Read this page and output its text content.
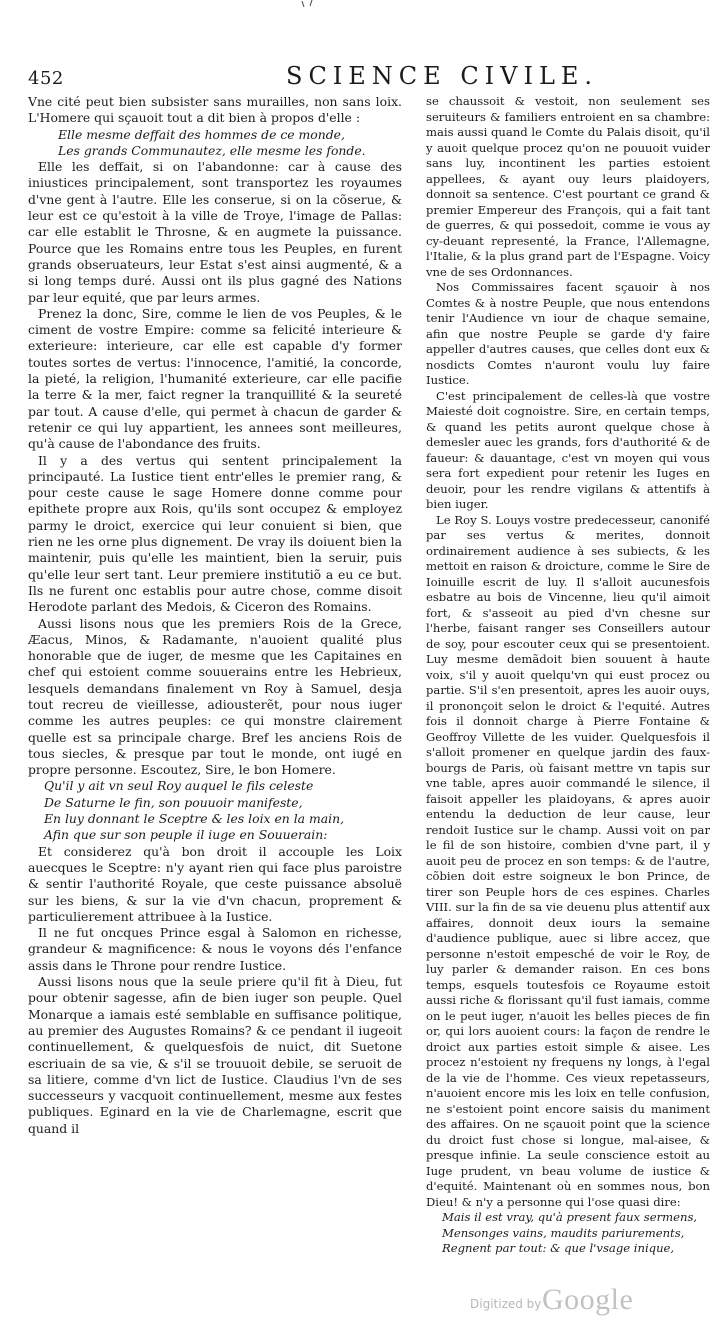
452	SCIENCE CIVILE.

Vne cité peut bien subsister sans murailles, non sans loix. L'Homere qui sçauoit tout a dit bien à propos d'elle :

Elle mesme deffait des hommes de ce monde,

Les grands Communautez, elle mesme les fonde.

Elle les deffait, si on l'abandonne: car à cause des iniustices principalement, sont transportez les royaumes d'vne gent à l'autre. Elle les conserue, si on la cõserue, & leur est ce qu'estoit à la ville de Troye, l'image de Pallas: car elle establit le Throsne, & en augmete la puissance. Pource que les Romains entre tous les Peuples, en furent grands obseruateurs, leur Estat s'est ainsi augmenté, & a si long temps duré. Aussi ont ils plus gagné des Nations par leur equité, que par leurs armes.

Prenez la donc, Sire, comme le lien de vos Peuples, & le ciment de vostre Empire: comme sa felicité interieure & exterieure: interieure, car elle est capable d'y former toutes sortes de vertus: l'innocence, l'amitié, la concorde, la pieté, la religion, l'humanité exterieure, car elle pacifie la terre & la mer, faict regner la tranquillité & la seureté par tout. A cause d'elle, qui permet à chacun de garder & retenir ce qui luy appartient, les annees sont meilleures, qu'à cause de l'abondance des fruits.

Il y a des vertus qui sentent principalement la principauté. La Iustice tient entr'elles le premier rang, & pour ceste cause le sage Homere donne comme pour epithete propre aux Rois, qu'ils sont occupez & employez parmy le droict, exercice qui leur conuient si bien, que rien ne les orne plus dignement. De vray ils doiuent bien la maintenir, puis qu'elle les maintient, bien la seruir, puis qu'elle leur sert tant. Leur premiere institutiõ a eu ce but. Ils ne furent onc establis pour autre chose, comme disoit Herodote parlant des Medois, & Ciceron des Romains.

Aussi lisons nous que les premiers Rois de la Grece, Æacus, Minos, & Radamante, n'auoient qualité plus honorable que de iuger, de mesme que les Capitaines en chef qui estoient comme souuerains entre les Hebrieux, lesquels demandans finalement vn Roy à Samuel, desja tout recreu de vieillesse, adiousterẽt, pour nous iuger comme les autres peuples: ce qui monstre clairement quelle est sa principale charge. Bref les anciens Rois de tous siecles, & presque par tout le monde, ont iugé en propre personne. Escoutez, Sire, le bon Homere.

Qu'il y ait vn seul Roy auquel le fils celeste

De Saturne le fin, son pouuoir manifeste,

En luy donnant le Sceptre & les loix en la main,

Afin que sur son peuple il iuge en Souuerain:

Et considerez qu'à bon droit il accouple les Loix auecques le Sceptre: n'y ayant rien qui face plus paroistre & sentir l'authorité Royale, que ceste puissance absoluë sur les biens, & sur la vie d'vn chacun, proprement & particulierement attribuee à la Iustice.

Il ne fut oncques Prince esgal à Salomon en richesse, grandeur & magnificence: & nous le voyons dés l'enfance assis dans le Throne pour rendre Iustice.

Aussi lisons nous que la seule priere qu'il fit à Dieu, fut pour obtenir sagesse, afin de bien iuger son peuple. Quel Monarque a iamais esté semblable en suffisance politique, au premier des Augustes Romains? & ce pendant il iugeoit continuellement, & quelquesfois de nuict, dit Suetone escriuain de sa vie, & s'il se trouuoit debile, se seruoit de sa litiere, comme d'vn lict de Iustice. Claudius l'vn de ses successeurs y vacquoit continuellement, mesme aux festes publiques. Eginard en la vie de Charlemagne, escrit que quand il

se chaussoit & vestoit, non seulement ses seruiteurs & familiers entroient en sa chambre: mais aussi quand le Comte du Palais disoit, qu'il y auoit quelque procez qu'on ne pouuoit vuider sans luy, incontinent les parties estoient appellees, & ayant ouy leurs plaidoyers, donnoit sa sentence. C'est pourtant ce grand & premier Empereur des François, qui a fait tant de guerres, & qui possedoit, comme ie vous ay cy-deuant representé, la France, l'Allemagne, l'Italie, & la plus grand part de l'Espagne. Voicy vne de ses Ordonnances.

Nos Commissaires facent sçauoir à nos Comtes & à nostre Peuple, que nous entendons tenir l'Audience vn iour de chaque semaine, afin que nostre Peuple se garde d'y faire appeller d'autres causes, que celles dont eux & nosdicts Comtes n'auront voulu luy faire Iustice.

C'est principalement de celles-là que vostre Maiesté doit cognoistre. Sire, en certain temps, & quand les petits auront quelque chose à demesler auec les grands, fors d'authorité & de faueur: & dauantage, c'est vn moyen qui vous sera fort expedient pour retenir les Iuges en deuoir, pour les rendre vigilans & attentifs à bien iuger.

Le Roy S. Louys vostre predecesseur, canonifé par ses vertus & merites, donnoit ordinairement audience à ses subiects, & les mettoit en raison & droicture, comme le Sire de Ioinuille escrit de luy. Il s'alloit aucunesfois esbatre au bois de Vincenne, lieu qu'il aimoit fort, & s'asseoit au pied d'vn chesne sur l'herbe, faisant ranger ses Conseillers autour de soy, pour escouter ceux qui se presentoient. Luy mesme demãdoit bien souuent à haute voix, s'il y auoit quelqu'vn qui eust procez ou partie. S'il s'en presentoit, apres les auoir ouys, il prononçoit selon le droict & l'equité. Autres fois il donnoit charge à Pierre Fontaine & Geoffroy Villette de les vuider. Quelquesfois il s'alloit promener en quelque jardin des faux-bourgs de Paris, où faisant mettre vn tapis sur vne table, apres auoir commandé le silence, il faisoit appeller les plaidoyans, & apres auoir entendu la deduction de leur cause, leur rendoit Iustice sur le champ. Aussi voit on par le fil de son histoire, combien d'vne part, il y auoit peu de procez en son temps: & de l'autre, cõbien doit estre soigneux le bon Prince, de tirer son Peuple hors de ces espines. Charles VIII. sur la fin de sa vie deuenu plus attentif aux affaires, donnoit deux iours la semaine d'audience publique, auec si libre accez, que personne n'estoit empesché de voir le Roy, de luy parler & demander raison. En ces bons temps, esquels toutesfois ce Royaume estoit aussi riche & florissant qu'il fust iamais, comme on le peut iuger, n'auoit les belles pieces de fin or, qui lors auoient cours: la façon de rendre le droict aux parties estoit simple & aisee. Les procez n'estoient ny frequens ny longs, à l'egal de la vie de l'homme. Ces vieux repetasseurs, n'auoient encore mis les loix en telle confusion, ne s'estoient point encore saisis du maniment des affaires. On ne sçauoit point que la science du droict fust chose si longue, mal-aisee, & presque infinie. La seule conscience estoit au Iuge prudent, vn beau volume de iustice & d'equité. Maintenant où en sommes nous, bon Dieu! & n'y a personne qui l'ose quasi dire:

Mais il est vray, qu'à present faux sermens,

Mensonges vains, maudits pariurements,

Regnent par tout: & que l'vsage inique,

Digitized by Google
